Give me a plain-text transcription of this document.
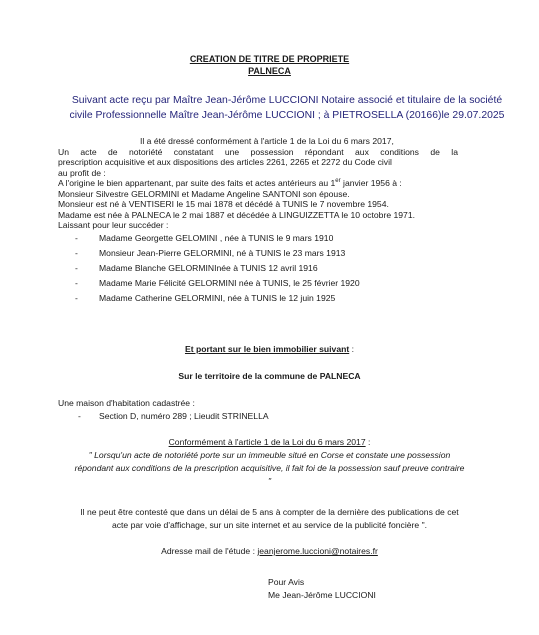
CREATION DE TITRE DE PROPRIETE
PALNECA
Suivant acte reçu par Maître Jean-Jérôme LUCCIONI Notaire associé et titulaire de la société
civile Professionnelle Maître Jean-Jérôme LUCCIONI ; à PIETROSELLA (20166)le 29.07.2025
Il a été dressé conformément à l'article 1 de la Loi du 6 mars 2017,
Un acte de notoriété constatant une possession répondant aux conditions de la
prescription acquisitive et aux dispositions des articles 2261, 2265 et 2272 du Code civil
au profit de :
A l'origine le bien appartenant, par suite des faits et actes antérieurs au 1er janvier 1956 à :
Monsieur Silvestre GELORMINI et Madame Angeline SANTONI son épouse.
Monsieur est né à VENTISERI le 15 mai 1878 et décédé à TUNIS le 7 novembre 1954.
Madame est née à PALNECA le 2 mai 1887 et décédée à LINGUIZZETTA le 10 octobre 1971.
Laissant pour leur succéder :
- Madame Georgette GELOMINI , née à TUNIS le 9 mars 1910
- Monsieur Jean-Pierre GELORMINI, né à TUNIS le 23 mars 1913
- Madame Blanche GELORMINInée à TUNIS 12 avril 1916
- Madame Marie Félicité GELORMINI née à TUNIS, le 25 février 1920
- Madame Catherine GELORMINI, née à TUNIS le 12 juin 1925
Et portant sur le bien immobilier suivant :
Sur le territoire de la commune de PALNECA
Une maison d'habitation cadastrée :
- Section D, numéro 289 ; Lieudit STRINELLA
Conformément à l'article 1 de la Loi du 6 mars 2017 :
" Lorsqu'un acte de notoriété porte sur un immeuble situé en Corse et constate une possession
répondant aux conditions de la prescription acquisitive, il fait foi de la possession sauf preuve contraire
"
Il ne peut être contesté que dans un délai de 5 ans à compter de la dernière des publications de cet
acte par voie d'affichage, sur un site internet et au service de la publicité foncière ".
Adresse mail de l'étude : jeanjerome.luccioni@notaires.fr
Pour Avis
Me Jean-Jérôme LUCCIONI
